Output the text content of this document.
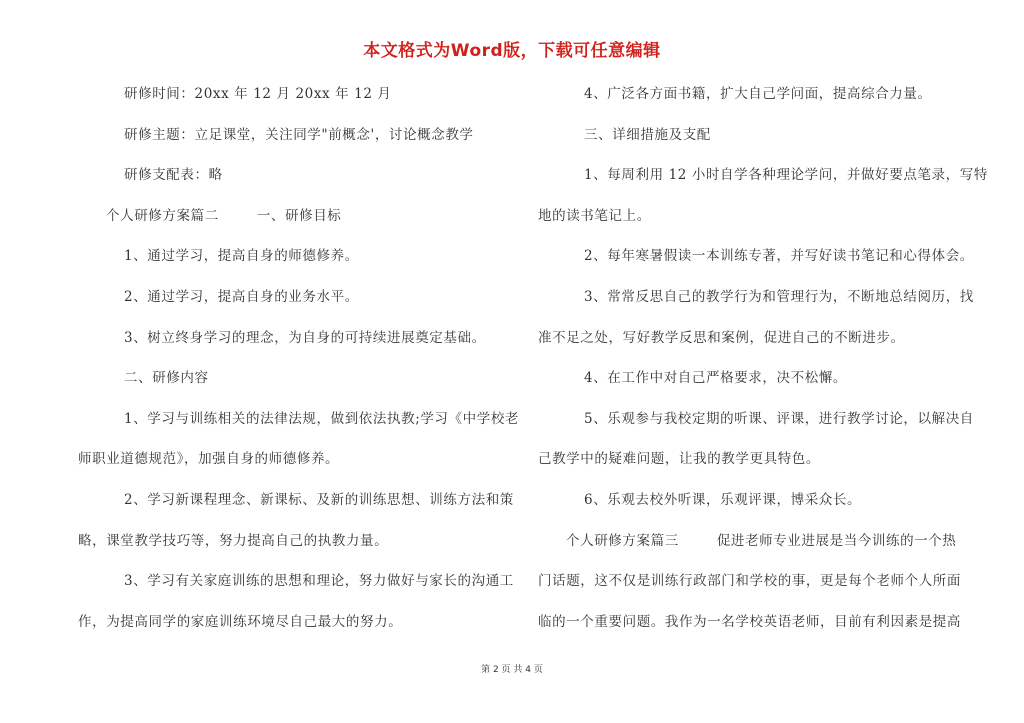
本文格式为Word版，下载可任意编辑
研修时间：20xx 年 12 月 20xx 年 12 月
研修主题：立足课堂，关注同学"前概念'，讨论概念教学
研修支配表：略
个人研修方案篇二	一、研修目标
1、通过学习，提高自身的师德修养。
2、通过学习，提高自身的业务水平。
3、树立终身学习的理念，为自身的可持续进展奠定基础。
二、研修内容
1、学习与训练相关的法律法规，做到依法执教;学习《中学校老
师职业道德规范》，加强自身的师德修养。
2、学习新课程理念、新课标、及新的训练思想、训练方法和策
略，课堂教学技巧等，努力提高自己的执教力量。
3、学习有关家庭训练的思想和理论，努力做好与家长的沟通工
作，为提高同学的家庭训练环境尽自己最大的努力。
4、广泛各方面书籍，扩大自己学问面，提高综合力量。
三、详细措施及支配
1、每周利用 12 小时自学各种理论学问，并做好要点笔录，写特
地的读书笔记上。
2、每年寒暑假读一本训练专著，并写好读书笔记和心得体会。
3、常常反思自己的教学行为和管理行为，不断地总结阅历，找
准不足之处，写好教学反思和案例，促进自己的不断进步。
4、在工作中对自己严格要求，决不松懈。
5、乐观参与我校定期的听课、评课，进行教学讨论，以解决自
己教学中的疑难问题，让我的教学更具特色。
6、乐观去校外听课，乐观评课，博采众长。
个人研修方案篇三	促进老师专业进展是当今训练的一个热
门话题，这不仅是训练行政部门和学校的事，更是每个老师个人所面
临的一个重要问题。我作为一名学校英语老师，目前有利因素是提高
第 2 页 共 4 页
